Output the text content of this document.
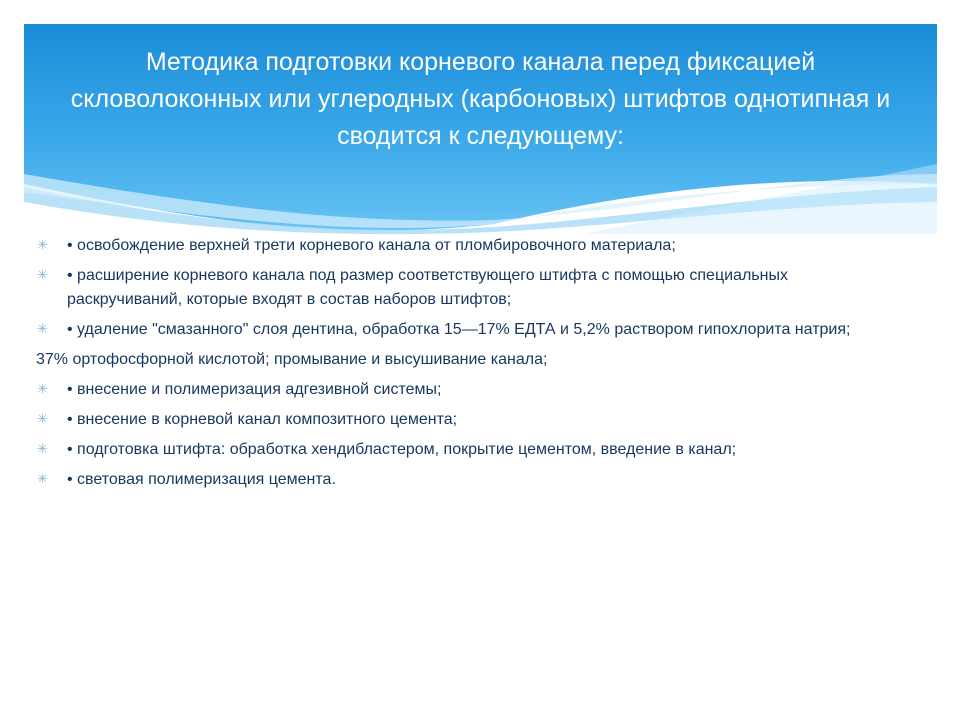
Методика подготовки корневого канала перед фиксацией скловолоконных или углеродных (карбоновых) штифтов однотипная и сводится к следующему:
✳ • освобождение верхней трети корневого канала от пломбировочного материала;
✳ • расширение корневого канала под размер соответствующего штифта с помощью специальных раскручиваний, которые входят в состав наборов штифтов;
✳ • удаление "смазанного" слоя дентина, обработка 15—17% ЕДТА и 5,2% раствором гипохлорита натрия;
37% ортофосфорной кислотой; промывание и высушивание канала;
✳ • внесение и полимеризация адгезивной системы;
✳ • внесение в корневой канал композитного цемента;
✳ • подготовка штифта: обработка хендибластером, покрытие цементом, введение в канал;
✳ • световая полимеризация цемента.
